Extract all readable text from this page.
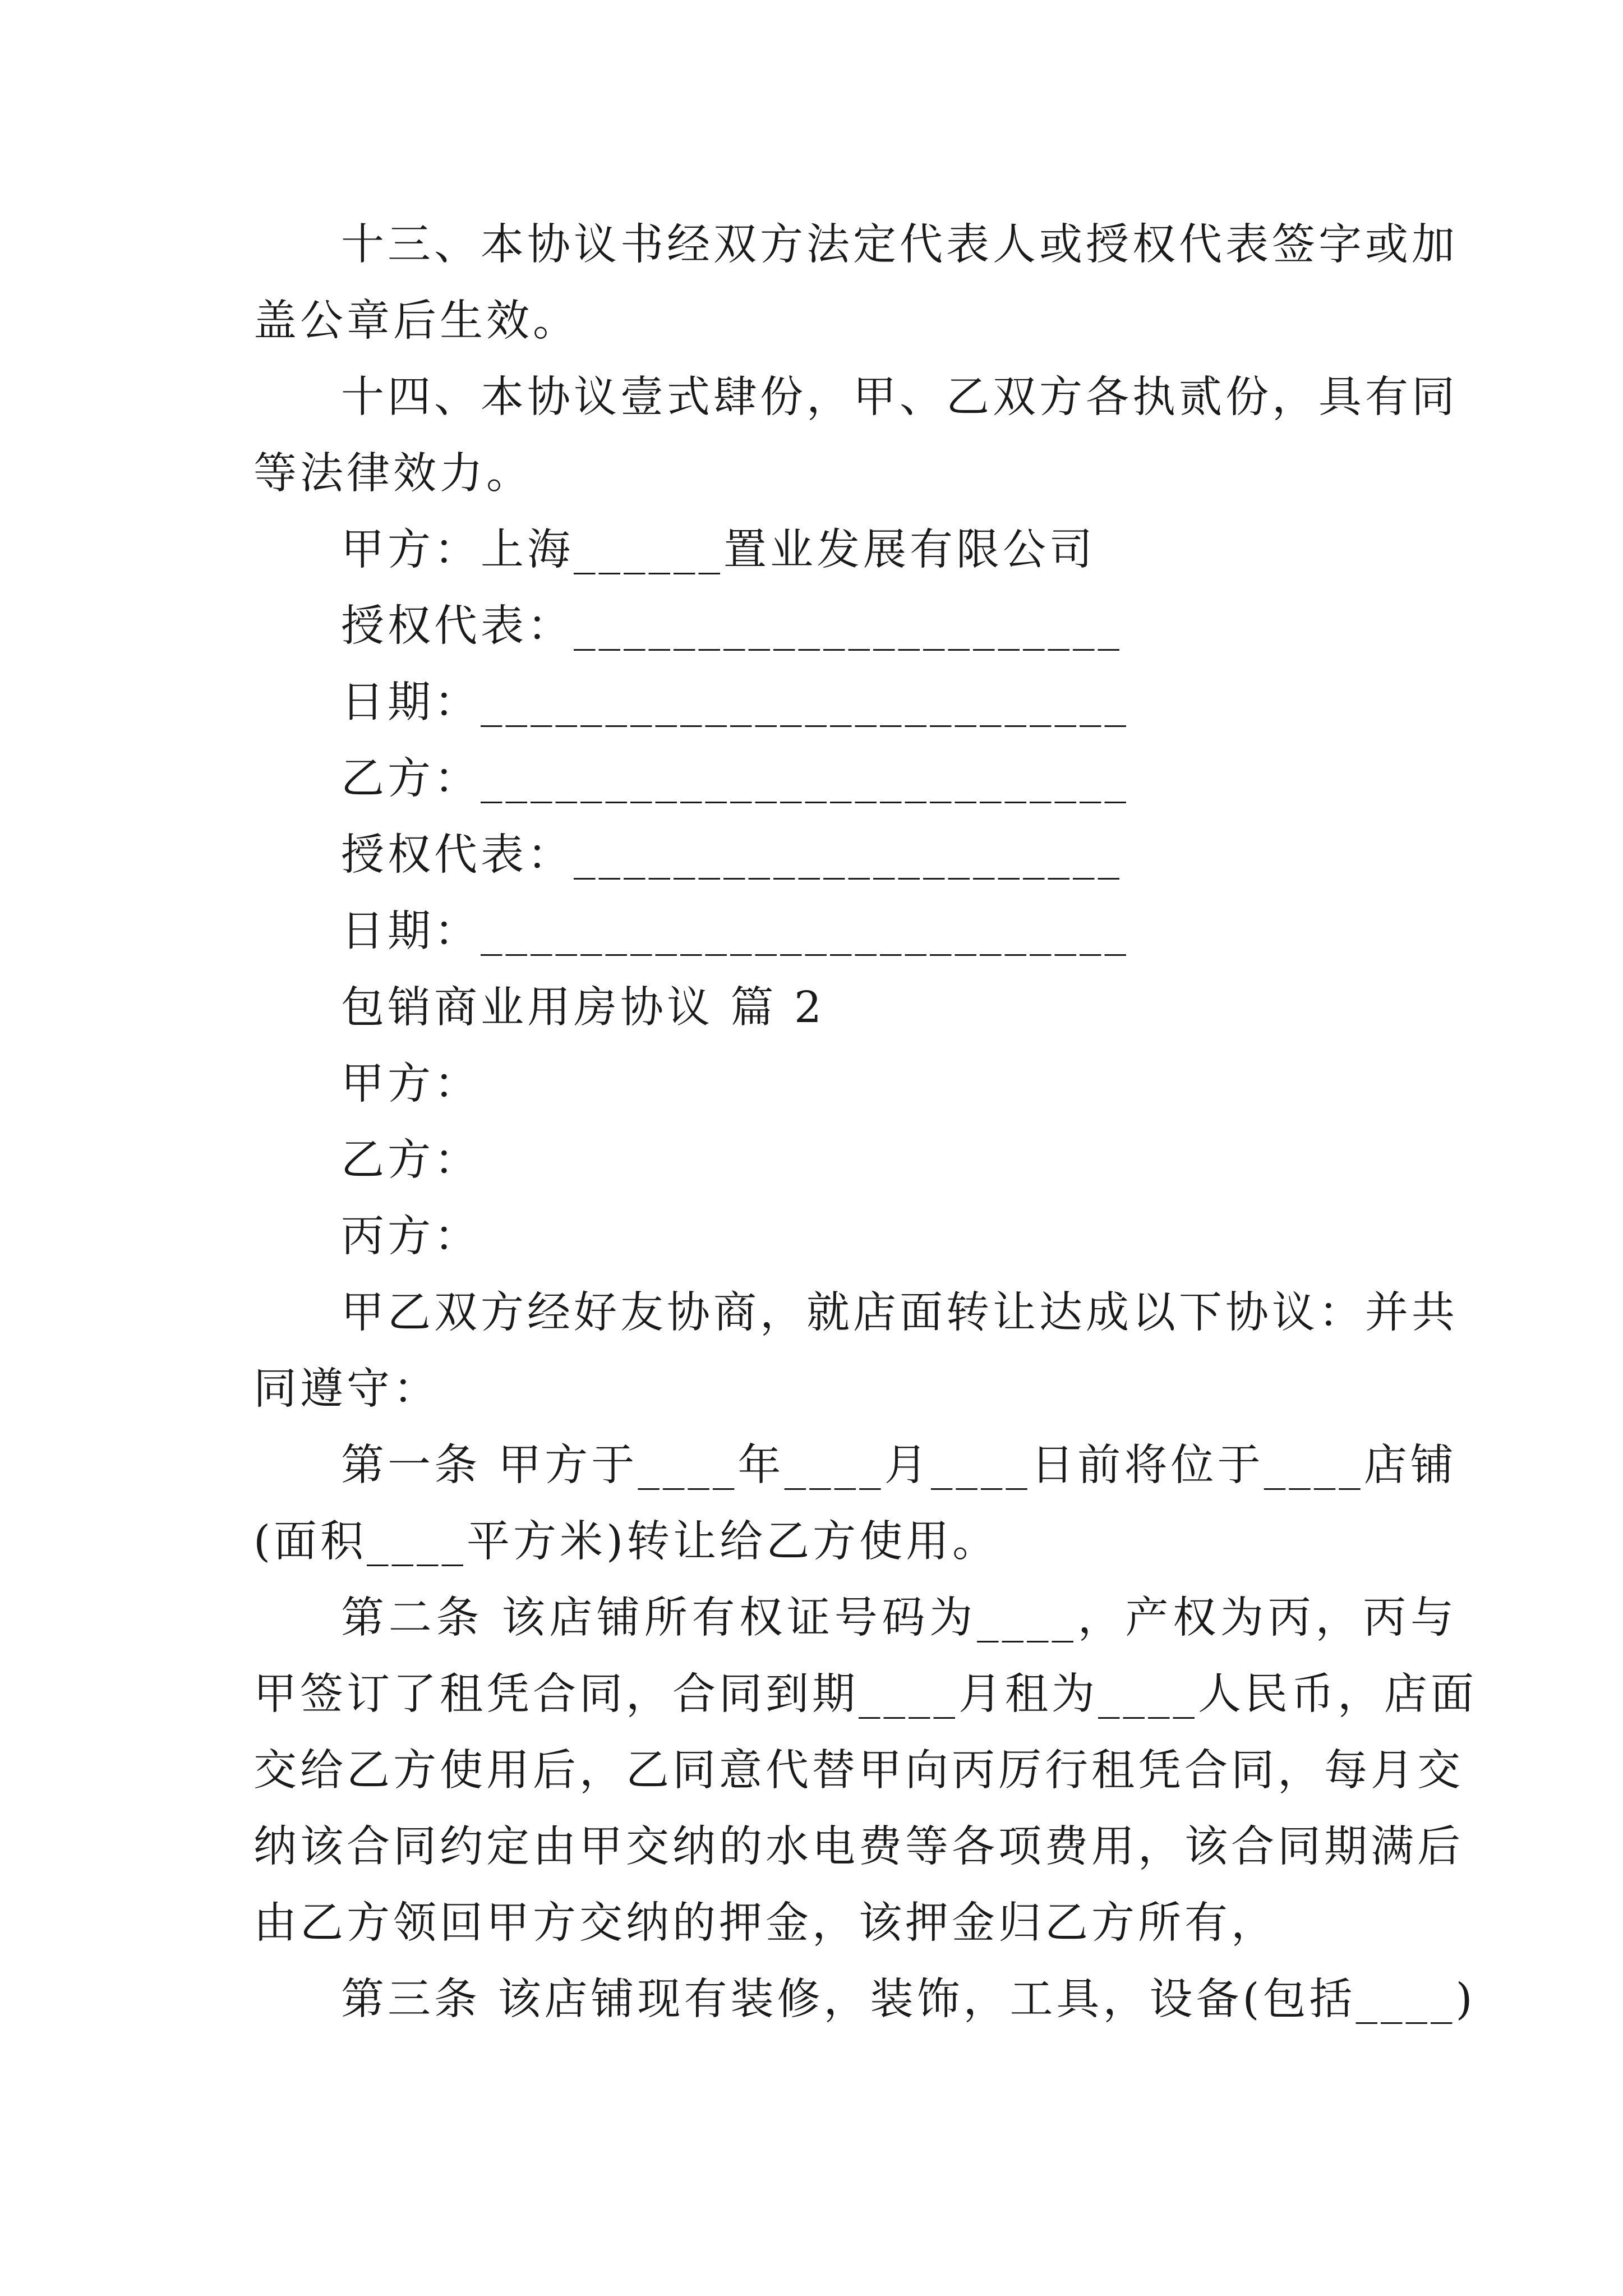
十三、本协议书经双方法定代表人或授权代表签字或加
盖公章后生效。
十四、本协议壹式肆份，甲、乙双方各执贰份，具有同
等法律效力。
甲方：上海______置业发展有限公司
授权代表：______________________
日期：__________________________
乙方：__________________________
授权代表：______________________
日期：__________________________
包销商业用房协议 篇 2
甲方：
乙方：
丙方：
甲乙双方经好友协商，就店面转让达成以下协议：并共
同遵守：
第一条 甲方于____年____月____日前将位于____店铺
(面积____平方米)转让给乙方使用。
第二条 该店铺所有权证号码为____，产权为丙，丙与
甲签订了租凭合同，合同到期____月租为____人民币，店面
交给乙方使用后，乙同意代替甲向丙厉行租凭合同，每月交
纳该合同约定由甲交纳的水电费等各项费用，该合同期满后
由乙方领回甲方交纳的押金，该押金归乙方所有，
第三条 该店铺现有装修，装饰，工具，设备(包括____)
